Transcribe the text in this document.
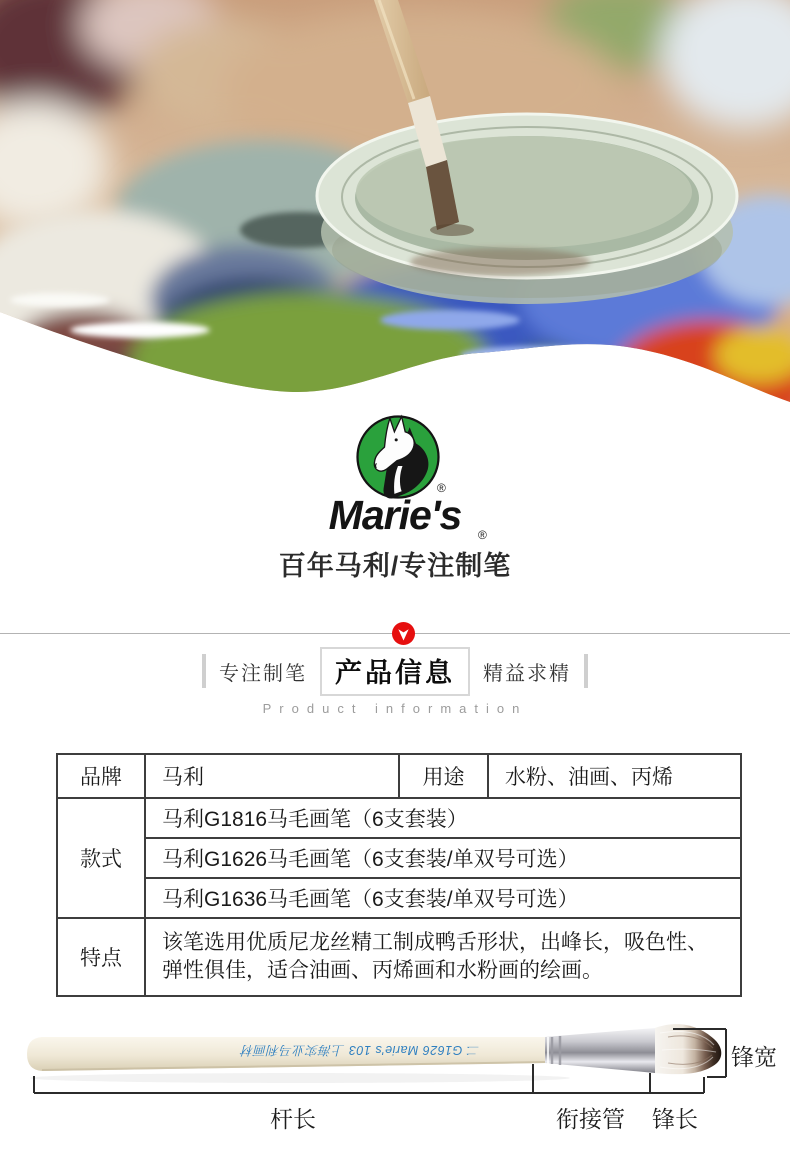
®
Marie's	®
百年马利/专注制笔
专注制笔	产品信息	精益求精
Product information
品牌	马利	用途	水粉、油画、丙烯
款式	马利G1816马毛画笔（6支套装）		
	马利G1626马毛画笔（6支套装/单双号可选）		
	马利G1636马毛画笔（6支套装/单双号可选）		
特点	该笔选用优质尼龙丝精工制成鸭舌形状，出峰长，吸色性、弹性俱佳，适合油画、丙烯画和水粉画的绘画。		
二 G1626 Marie's 103 上海实业马利画材
杆长	衔接管 锋长
锋宽
